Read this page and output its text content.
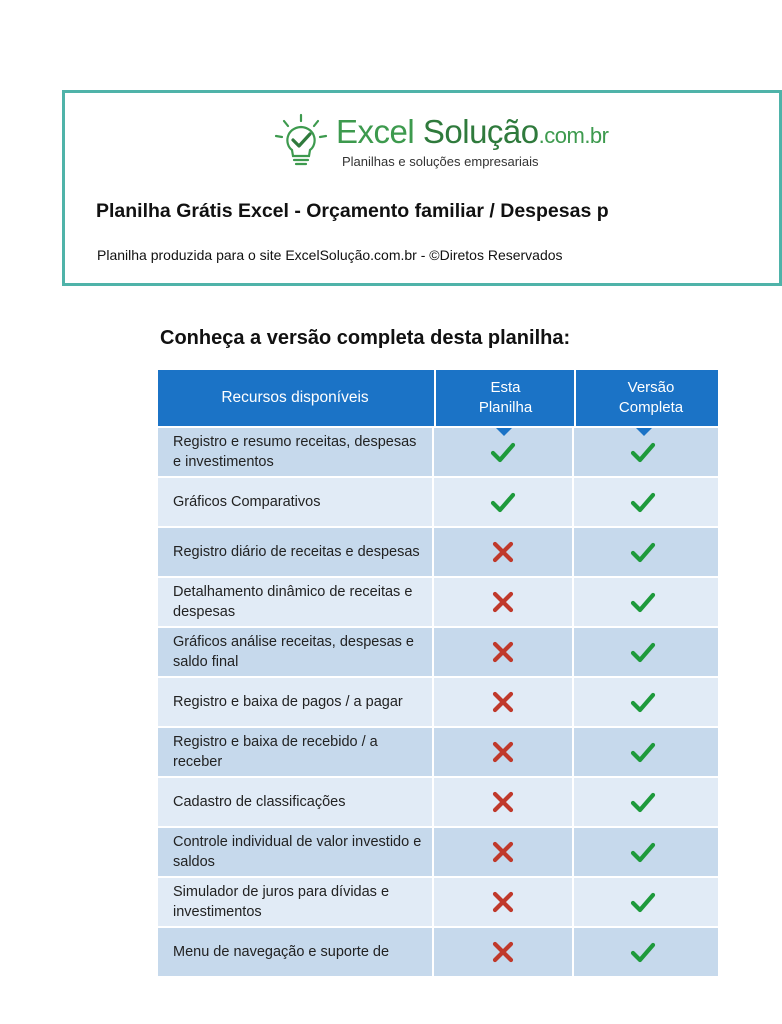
Excel Solução.com.br
Planilhas e soluções empresariais
Planilha Grátis Excel - Orçamento familiar / Despesas p
Planilha produzida para o site ExcelSolução.com.br - ©Diretos Reservados
Conheça a versão completa desta planilha:
Recursos disponíveis
Esta
Planilha
Versão
Completa
Registro e resumo receitas, despesas e investimentos
Gráficos Comparativos
Registro diário de receitas e despesas
Detalhamento dinâmico de receitas e despesas
Gráficos análise receitas, despesas e saldo final
Registro e baixa de pagos / a pagar
Registro e baixa de recebido / a receber
Cadastro de classificações
Controle individual de valor investido e saldos
Simulador de juros para dívidas e investimentos
Menu de navegação e suporte de
